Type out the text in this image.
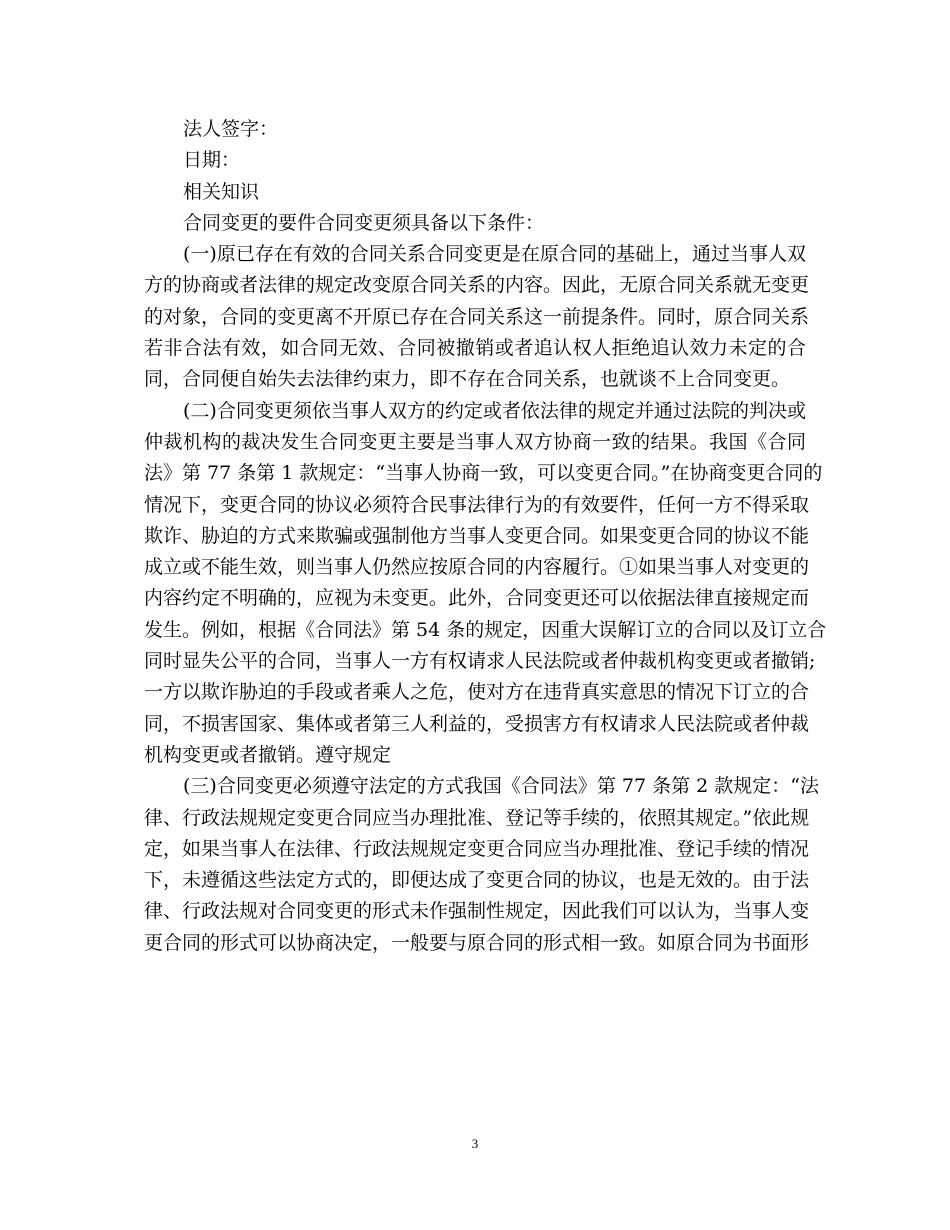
法人签字：
日期：
相关知识
合同变更的要件合同变更须具备以下条件：
(一)原已存在有效的合同关系合同变更是在原合同的基础上，通过当事人双
方的协商或者法律的规定改变原合同关系的内容。因此，无原合同关系就无变更
的对象，合同的变更离不开原已存在合同关系这一前提条件。同时，原合同关系
若非合法有效，如合同无效、合同被撤销或者追认权人拒绝追认效力未定的合
同，合同便自始失去法律约束力，即不存在合同关系，也就谈不上合同变更。
(二)合同变更须依当事人双方的约定或者依法律的规定并通过法院的判决或
仲裁机构的裁决发生合同变更主要是当事人双方协商一致的结果。我国《合同
法》第 77 条第 1 款规定：“当事人协商一致，可以变更合同。”在协商变更合同的
情况下，变更合同的协议必须符合民事法律行为的有效要件，任何一方不得采取
欺诈、胁迫的方式来欺骗或强制他方当事人变更合同。如果变更合同的协议不能
成立或不能生效，则当事人仍然应按原合同的内容履行。①如果当事人对变更的
内容约定不明确的，应视为未变更。此外，合同变更还可以依据法律直接规定而
发生。例如，根据《合同法》第 54 条的规定，因重大误解订立的合同以及订立合
同时显失公平的合同，当事人一方有权请求人民法院或者仲裁机构变更或者撤销;
一方以欺诈胁迫的手段或者乘人之危，使对方在违背真实意思的情况下订立的合
同，不损害国家、集体或者第三人利益的，受损害方有权请求人民法院或者仲裁
机构变更或者撤销。遵守规定
(三)合同变更必须遵守法定的方式我国《合同法》第 77 条第 2 款规定：“法
律、行政法规规定变更合同应当办理批准、登记等手续的，依照其规定。”依此规
定，如果当事人在法律、行政法规规定变更合同应当办理批准、登记手续的情况
下，未遵循这些法定方式的，即便达成了变更合同的协议，也是无效的。由于法
律、行政法规对合同变更的形式未作强制性规定，因此我们可以认为，当事人变
更合同的形式可以协商决定，一般要与原合同的形式相一致。如原合同为书面形
3
